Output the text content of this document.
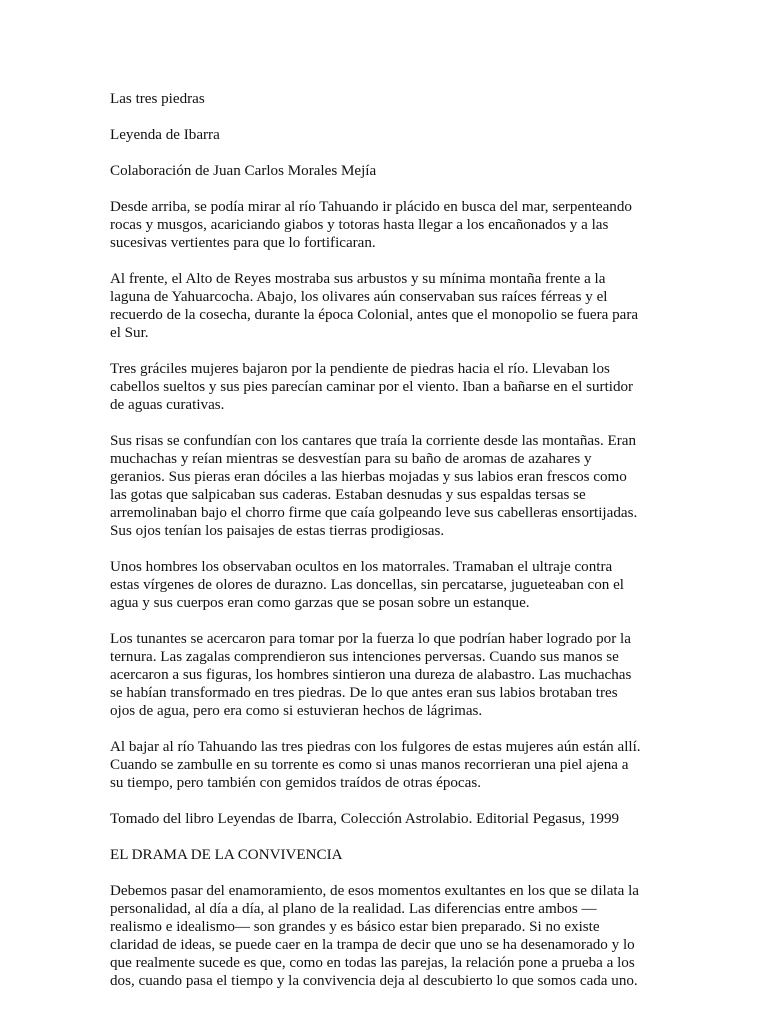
Las tres piedras

Leyenda de Ibarra

Colaboración de Juan Carlos Morales Mejía

Desde arriba, se podía mirar al río Tahuando ir plácido en busca del mar, serpenteando
rocas y musgos, acariciando giabos y totoras hasta llegar a los encañonados y a las
sucesivas vertientes para que lo fortificaran.

Al frente, el Alto de Reyes mostraba sus arbustos y su mínima montaña frente a la
laguna de Yahuarcocha. Abajo, los olivares aún conservaban sus raíces férreas y el
recuerdo de la cosecha, durante la época Colonial, antes que el monopolio se fuera para
el Sur.

Tres gráciles mujeres bajaron por la pendiente de piedras hacia el río. Llevaban los
cabellos sueltos y sus pies parecían caminar por el viento. Iban a bañarse en el surtidor
de aguas curativas.

Sus risas se confundían con los cantares que traía la corriente desde las montañas. Eran
muchachas y reían mientras se desvestían para su baño de aromas de azahares y
geranios. Sus pieras eran dóciles a las hierbas mojadas y sus labios eran frescos como
las gotas que salpicaban sus caderas. Estaban desnudas y sus espaldas tersas se
arremolinaban bajo el chorro firme que caía golpeando leve sus cabelleras ensortijadas.
Sus ojos tenían los paisajes de estas tierras prodigiosas.

Unos hombres los observaban ocultos en los matorrales. Tramaban el ultraje contra
estas vírgenes de olores de durazno. Las doncellas, sin percatarse, jugueteaban con el
agua y sus cuerpos eran como garzas que se posan sobre un estanque.

Los tunantes se acercaron para tomar por la fuerza lo que podrían haber logrado por la
ternura. Las zagalas comprendieron sus intenciones perversas. Cuando sus manos se
acercaron a sus figuras, los hombres sintieron una dureza de alabastro. Las muchachas
se habían transformado en tres piedras. De lo que antes eran sus labios brotaban tres
ojos de agua, pero era como si estuvieran hechos de lágrimas.

Al bajar al río Tahuando las tres piedras con los fulgores de estas mujeres aún están allí.
Cuando se zambulle en su torrente es como si unas manos recorrieran una piel ajena a
su tiempo, pero también con gemidos traídos de otras épocas.

Tomado del libro Leyendas de Ibarra, Colección Astrolabio. Editorial Pegasus, 1999

EL DRAMA DE LA CONVIVENCIA

Debemos pasar del enamoramiento, de esos momentos exultantes en los que se dilata la
personalidad, al día a día, al plano de la realidad. Las diferencias entre ambos —
realismo e idealismo— son grandes y es básico estar bien preparado. Si no existe
claridad de ideas, se puede caer en la trampa de decir que uno se ha desenamorado y lo
que realmente sucede es que, como en todas las parejas, la relación pone a prueba a los
dos, cuando pasa el tiempo y la convivencia deja al descubierto lo que somos cada uno.
